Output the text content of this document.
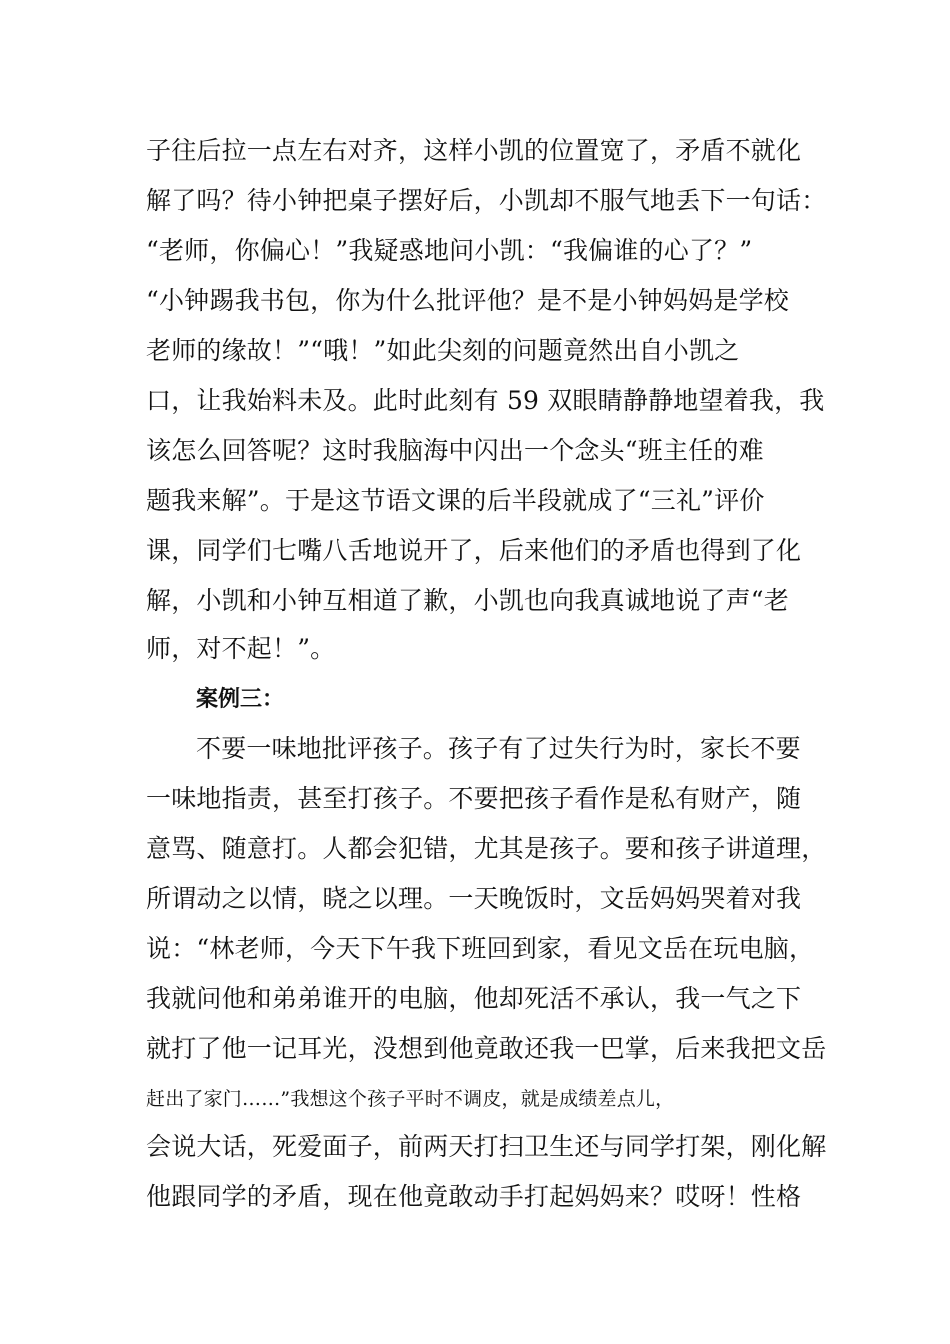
子往后拉一点左右对齐，这样小凯的位置宽了，矛盾不就化
解了吗？待小钟把桌子摆好后，小凯却不服气地丢下一句话：
“老师，你偏心！”我疑惑地问小凯：“我偏谁的心了？”
“小钟踢我书包，你为什么批评他？是不是小钟妈妈是学校
老师的缘故！”“哦！”如此尖刻的问题竟然出自小凯之
口，让我始料未及。此时此刻有 59 双眼睛静静地望着我，我
该怎么回答呢？这时我脑海中闪出一个念头“班主任的难
题我来解”。于是这节语文课的后半段就成了“三礼”评价
课，同学们七嘴八舌地说开了，后来他们的矛盾也得到了化
解，小凯和小钟互相道了歉，小凯也向我真诚地说了声“老
师，对不起！”。
案例三：
不要一味地批评孩子。孩子有了过失行为时，家长不要
一味地指责，甚至打孩子。不要把孩子看作是私有财产，随
意骂、随意打。人都会犯错，尤其是孩子。要和孩子讲道理，
所谓动之以情，晓之以理。一天晚饭时，文岳妈妈哭着对我
说：“林老师，今天下午我下班回到家，看见文岳在玩电脑，
我就问他和弟弟谁开的电脑，他却死活不承认，我一气之下
就打了他一记耳光，没想到他竟敢还我一巴掌，后来我把文岳
赶出了家门……”我想这个孩子平时不调皮，就是成绩差点儿，
会说大话，死爱面子，前两天打扫卫生还与同学打架，刚化解
他跟同学的矛盾，现在他竟敢动手打起妈妈来？哎呀！性格
